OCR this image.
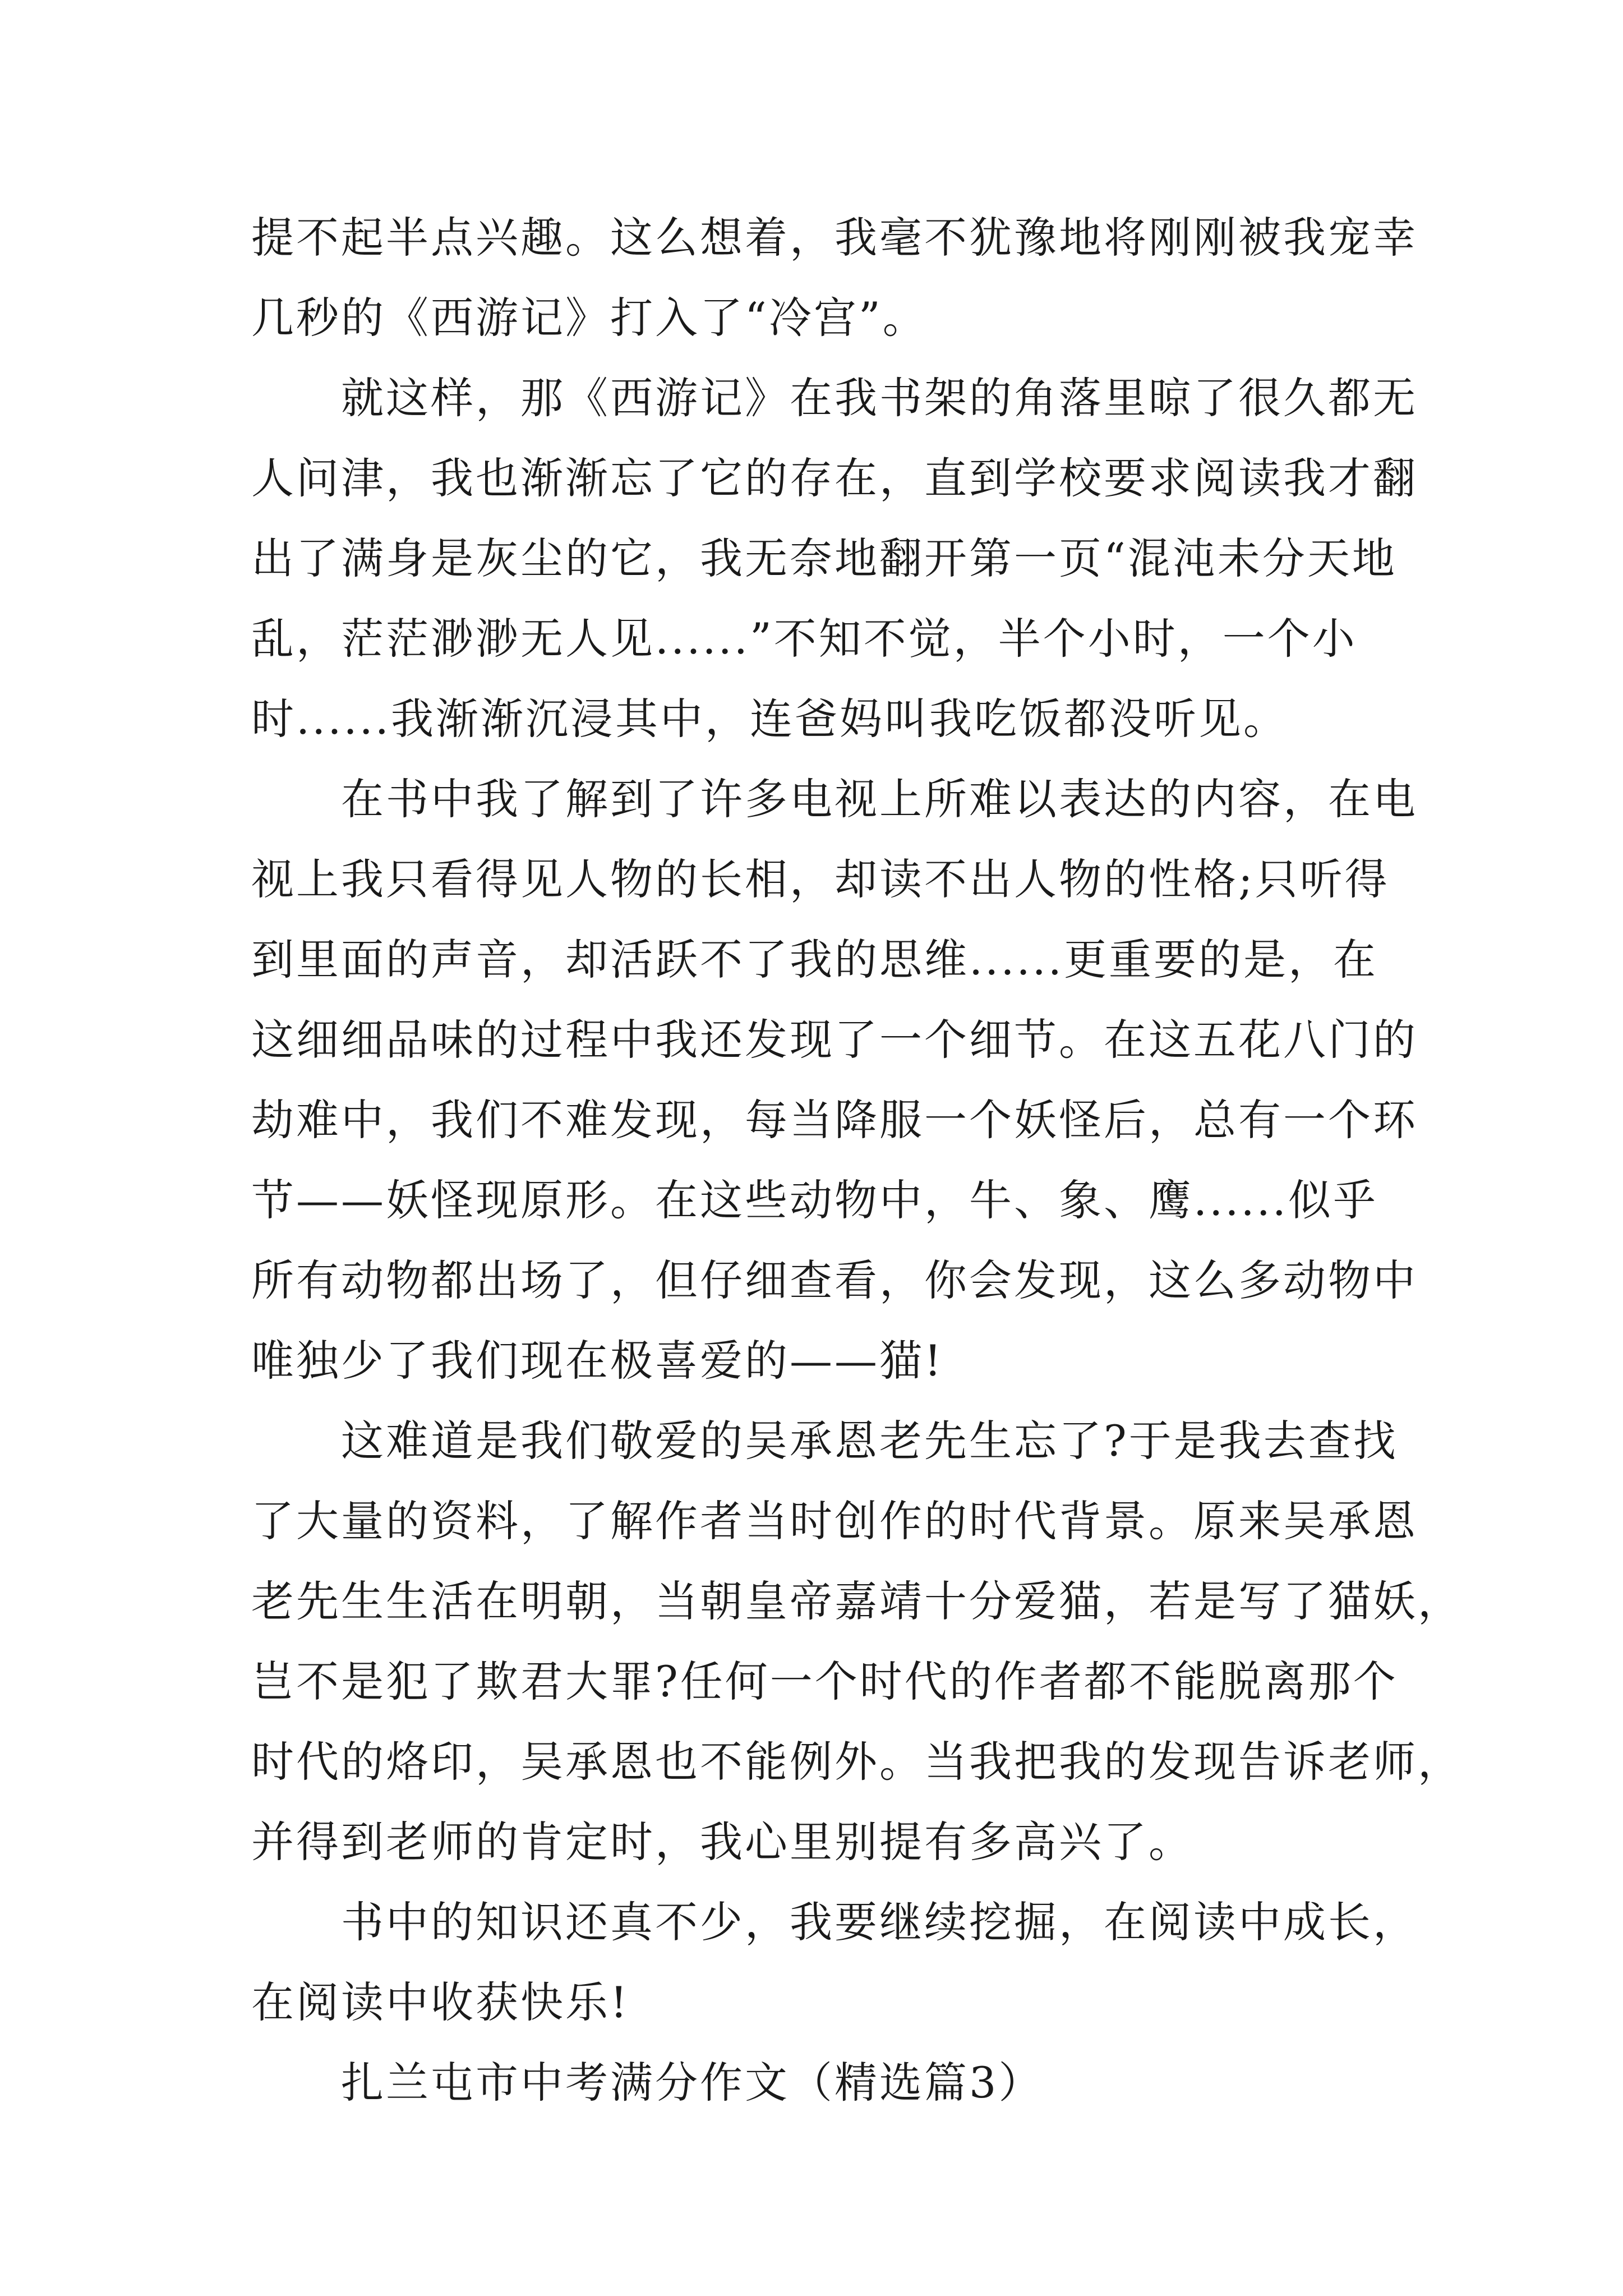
提不起半点兴趣。这么想着，我毫不犹豫地将刚刚被我宠幸
几秒的《西游记》打入了“冷宫”。
　　就这样，那《西游记》在我书架的角落里晾了很久都无
人问津，我也渐渐忘了它的存在，直到学校要求阅读我才翻
出了满身是灰尘的它，我无奈地翻开第一页“混沌未分天地
乱，茫茫渺渺无人见......”不知不觉，半个小时，一个小
时......我渐渐沉浸其中，连爸妈叫我吃饭都没听见。
　　在书中我了解到了许多电视上所难以表达的内容，在电
视上我只看得见人物的长相，却读不出人物的性格;只听得
到里面的声音，却活跃不了我的思维......更重要的是，在
这细细品味的过程中我还发现了一个细节。在这五花八门的
劫难中，我们不难发现，每当降服一个妖怪后，总有一个环
节——妖怪现原形。在这些动物中，牛、象、鹰......似乎
所有动物都出场了，但仔细查看，你会发现，这么多动物中
唯独少了我们现在极喜爱的——猫!
　　这难道是我们敬爱的吴承恩老先生忘了?于是我去查找
了大量的资料，了解作者当时创作的时代背景。原来吴承恩
老先生生活在明朝，当朝皇帝嘉靖十分爱猫，若是写了猫妖，
岂不是犯了欺君大罪?任何一个时代的作者都不能脱离那个
时代的烙印，吴承恩也不能例外。当我把我的发现告诉老师，
并得到老师的肯定时，我心里别提有多高兴了。
　　书中的知识还真不少，我要继续挖掘，在阅读中成长，
在阅读中收获快乐!
　　扎兰屯市中考满分作文（精选篇3）
